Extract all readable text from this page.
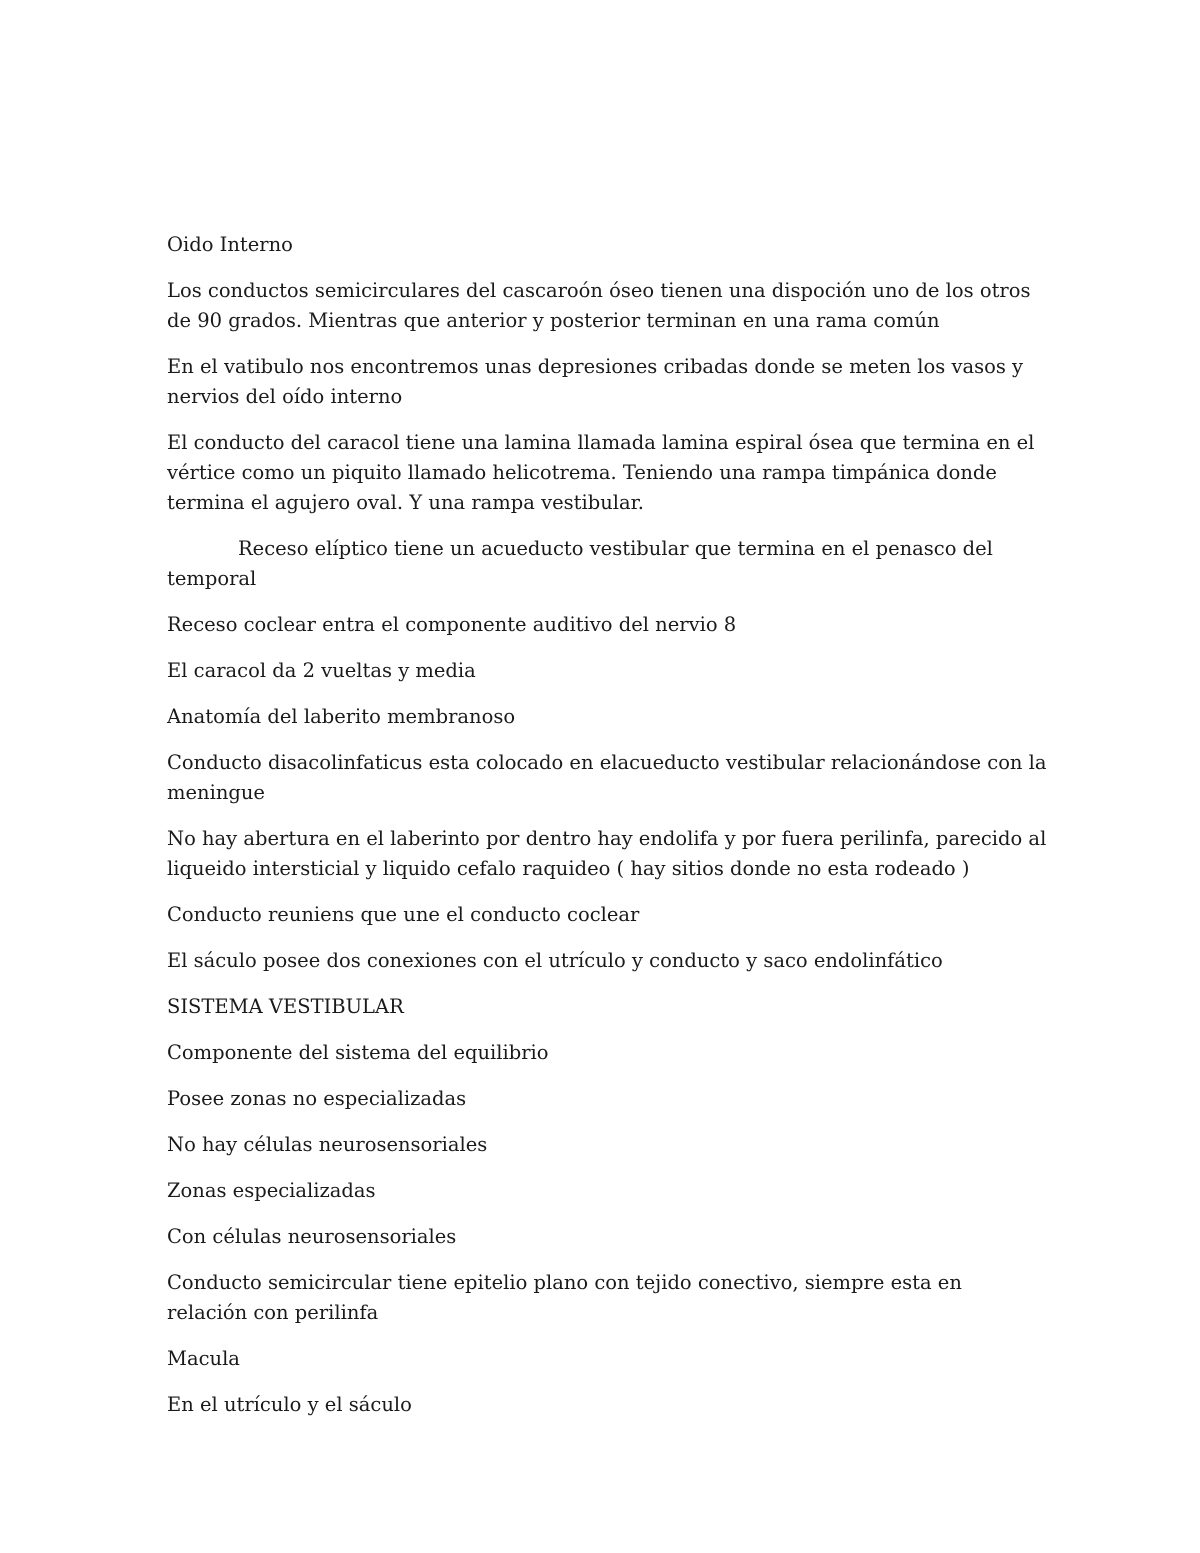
Oido Interno

Los conductos semicirculares del cascaroón óseo tienen una dispoción uno de los otros de 90 grados. Mientras que anterior y posterior terminan en una rama común

En el vatibulo nos encontremos unas depresiones cribadas donde se meten los vasos y nervios del oído interno

El conducto del caracol tiene una lamina llamada lamina espiral ósea que termina en el vértice como un piquito llamado helicotrema. Teniendo una rampa timpánica donde termina el agujero oval. Y una rampa vestibular.

Receso elíptico tiene un acueducto vestibular que termina en el penasco del temporal

Receso coclear entra el componente auditivo del nervio 8

El caracol da 2 vueltas y media

Anatomía del laberito membranoso

Conducto disacolinfaticus esta colocado en elacueducto vestibular relacionándose con la meningue

No hay abertura en el laberinto por dentro hay endolifa y por fuera perilinfa, parecido al liqueido intersticial y liquido cefalo raquideo ( hay sitios donde no esta rodeado )

Conducto reuniens que une el conducto coclear

El sáculo posee dos conexiones con el utrículo y conducto y saco endolinfático

SISTEMA VESTIBULAR

Componente del sistema del equilibrio

Posee zonas no especializadas

No hay células neurosensoriales

Zonas especializadas

Con células neurosensoriales

Conducto semicircular tiene epitelio plano con tejido conectivo, siempre esta en relación con perilinfa

Macula

En el utrículo y el sáculo
